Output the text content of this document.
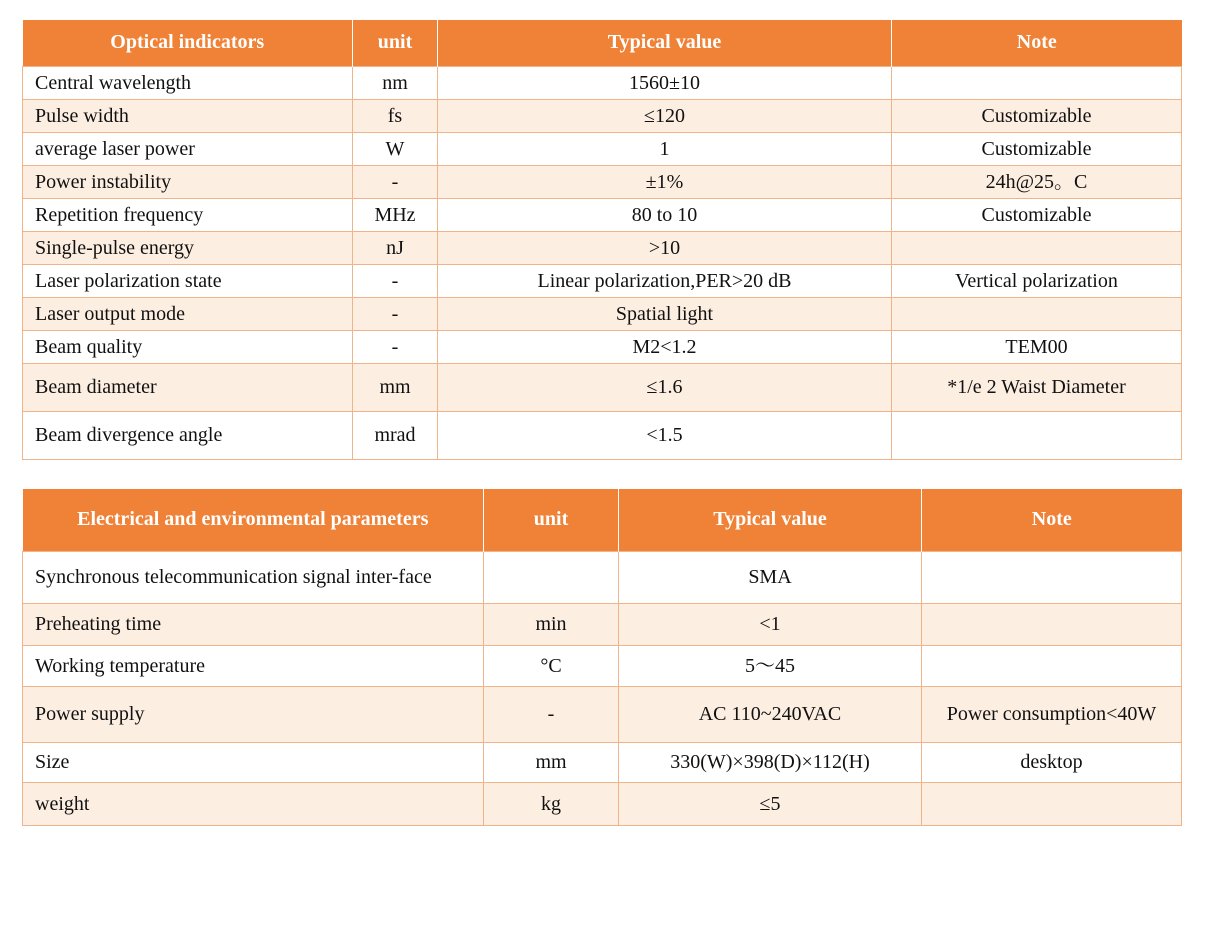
Optical indicators	unit	Typical value	Note
Central wavelength	nm	1560±10	
Pulse width	fs	≤120	Customizable
average laser power	W	1	Customizable
Power instability	-	±1%	24h@25。C
Repetition frequency	MHz	80 to 10	Customizable
Single-pulse energy	nJ	>10	
Laser polarization state	-	Linear polarization,PER>20 dB	Vertical polarization
Laser output mode	-	Spatial light	
Beam quality	-	M2<1.2	TEM00
Beam diameter	mm	≤1.6	*1/e 2 Waist Diameter
Beam divergence angle	mrad	<1.5	
Electrical and environmental parameters	unit	Typical value	Note
Synchronous telecommunication signal inter-face		SMA	
Preheating time	min	<1	
Working temperature	°C	5～45	
Power supply	-	AC 110~240VAC	Power consumption<40W
Size	mm	330(W)×398(D)×112(H)	desktop
weight	kg	≤5	
